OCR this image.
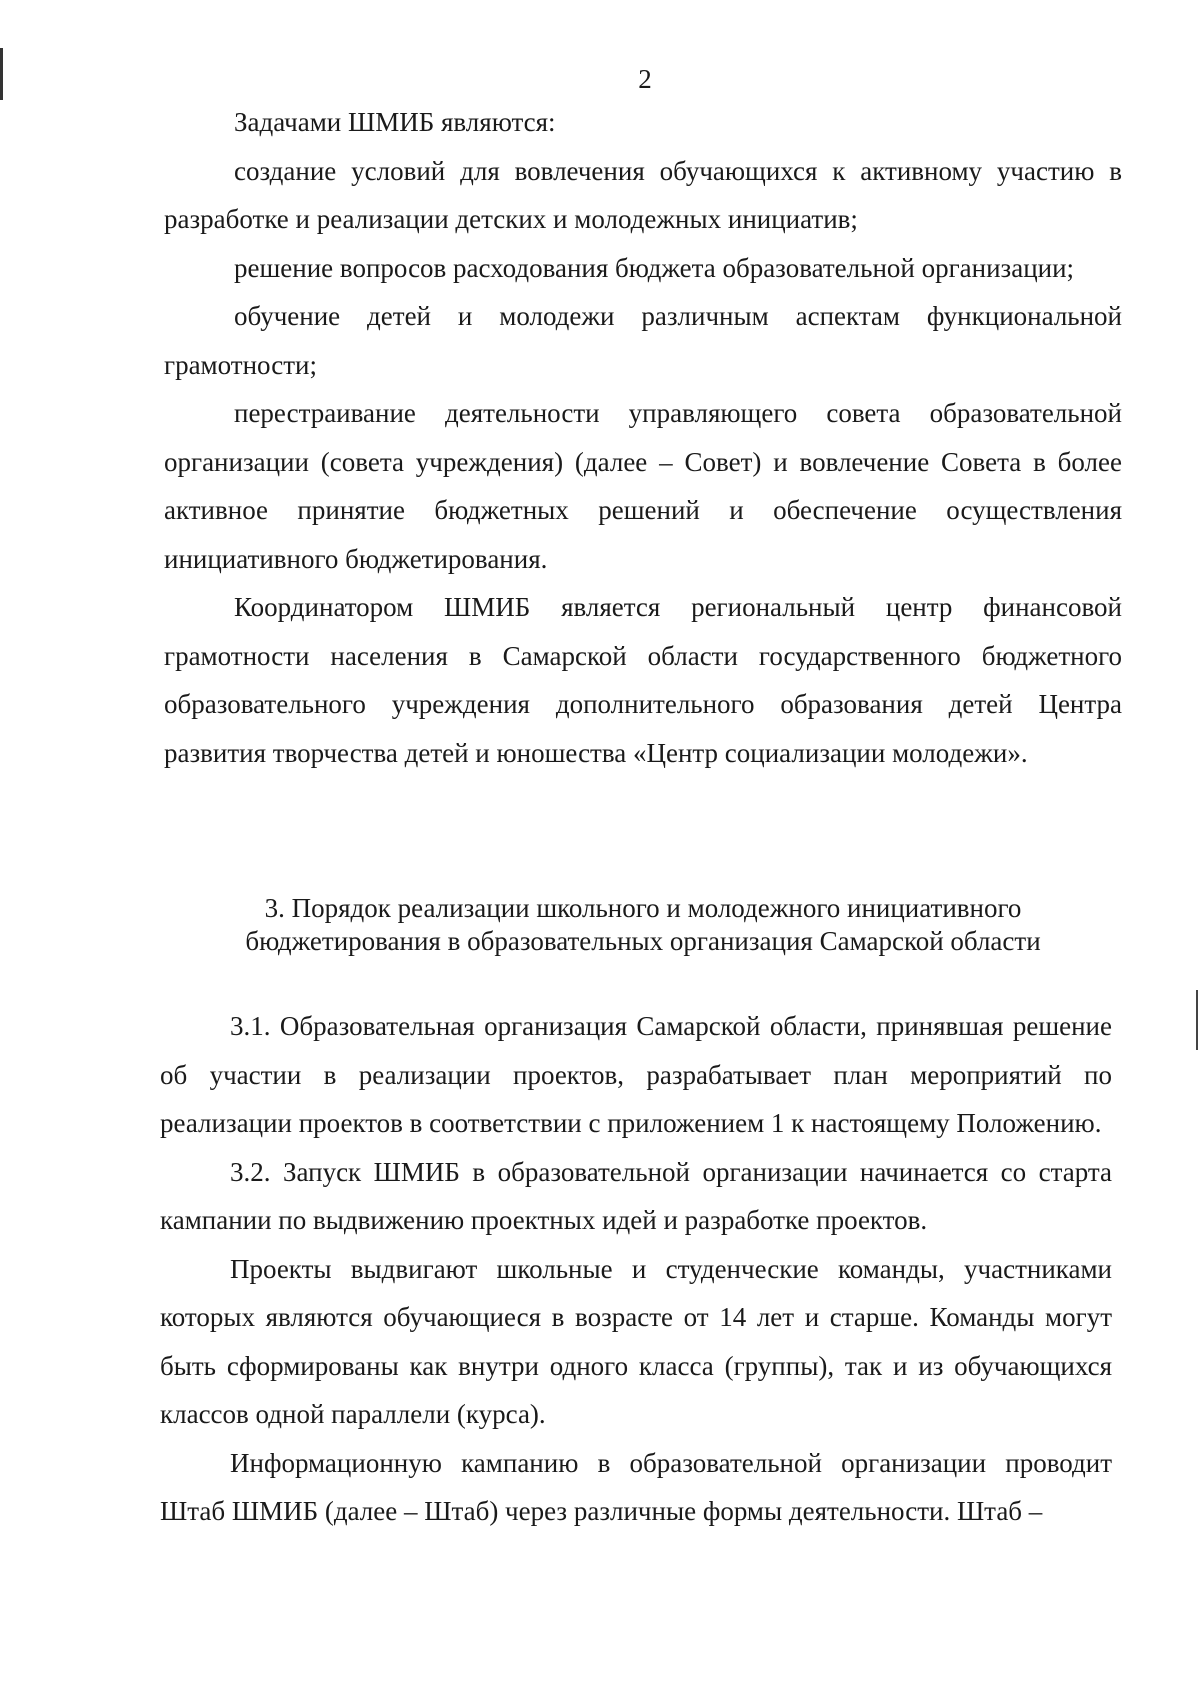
2

Задачами ШМИБ являются:

создание условий для вовлечения обучающихся к активному участию в разработке и реализации детских и молодежных инициатив;

решение вопросов расходования бюджета образовательной организации;

обучение детей и молодежи различным аспектам функциональной грамотности;

перестраивание деятельности управляющего совета образовательной организации (совета учреждения) (далее – Совет) и вовлечение Совета в более активное принятие бюджетных решений и обеспечение осуществления инициативного бюджетирования.

Координатором ШМИБ является региональный центр финансовой грамотности населения в Самарской области государственного бюджетного образовательного учреждения дополнительного образования детей Центра развития творчества детей и юношества «Центр социализации молодежи».

3. Порядок реализации школьного и молодежного инициативного
бюджетирования в образовательных организация Самарской области

3.1. Образовательная организация Самарской области, принявшая решение об участии в реализации проектов, разрабатывает план мероприятий по реализации проектов в соответствии с приложением 1 к настоящему Положению.

3.2. Запуск ШМИБ в образовательной организации начинается со старта кампании по выдвижению проектных идей и разработке проектов.

Проекты выдвигают школьные и студенческие команды, участниками которых являются обучающиеся в возрасте от 14 лет и старше. Команды могут быть сформированы как внутри одного класса (группы), так и из обучающихся классов одной параллели (курса).

Информационную кампанию в образовательной организации проводит Штаб ШМИБ (далее – Штаб) через различные формы деятельности. Штаб –
